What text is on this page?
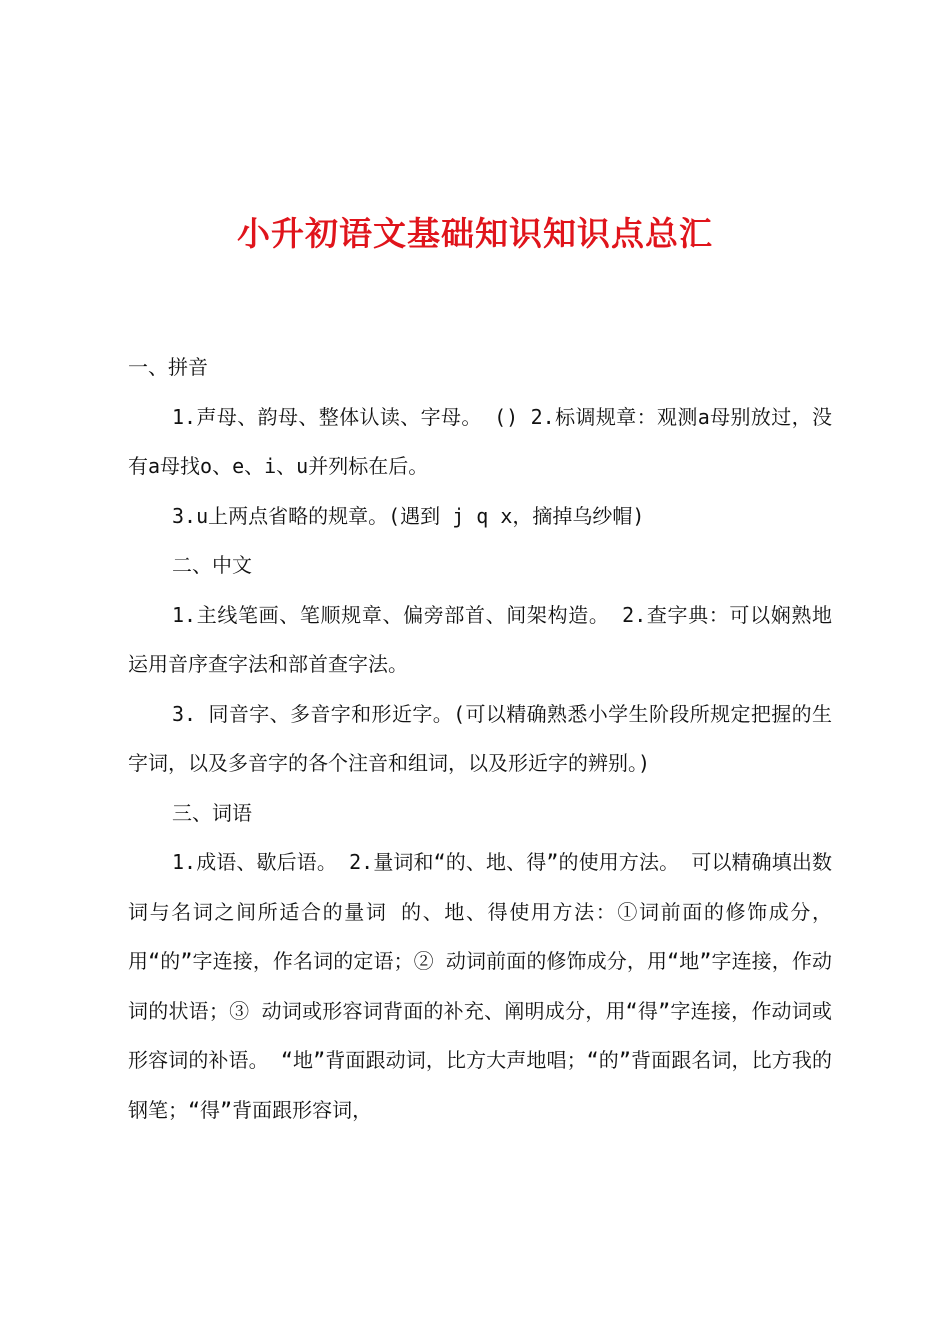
小升初语文基础知识知识点总汇

一、拼音

1.声母、韵母、整体认读、字母。 () 2.标调规章：观测a母别放过，没有a母找o、e、i、u并列标在后。

3.u上两点省略的规章。(遇到 j q x，摘掉乌纱帽)

二、中文

1.主线笔画、笔顺规章、偏旁部首、间架构造。 2.查字典：可以娴熟地运用音序查字法和部首查字法。

3. 同音字、多音字和形近字。(可以精确熟悉小学生阶段所规定把握的生字词，以及多音字的各个注音和组词，以及形近字的辨别。)

三、词语

1.成语、歇后语。 2.量词和“的、地、得”的使用方法。 可以精确填出数词与名词之间所适合的量词 的、地、得使用方法：①词前面的修饰成分，用“的”字连接，作名词的定语；② 动词前面的修饰成分，用“地”字连接，作动词的状语；③ 动词或形容词背面的补充、阐明成分，用“得”字连接，作动词或形容词的补语。 “地”背面跟动词，比方大声地唱；“的”背面跟名词，比方我的钢笔；“得”背面跟形容词，
